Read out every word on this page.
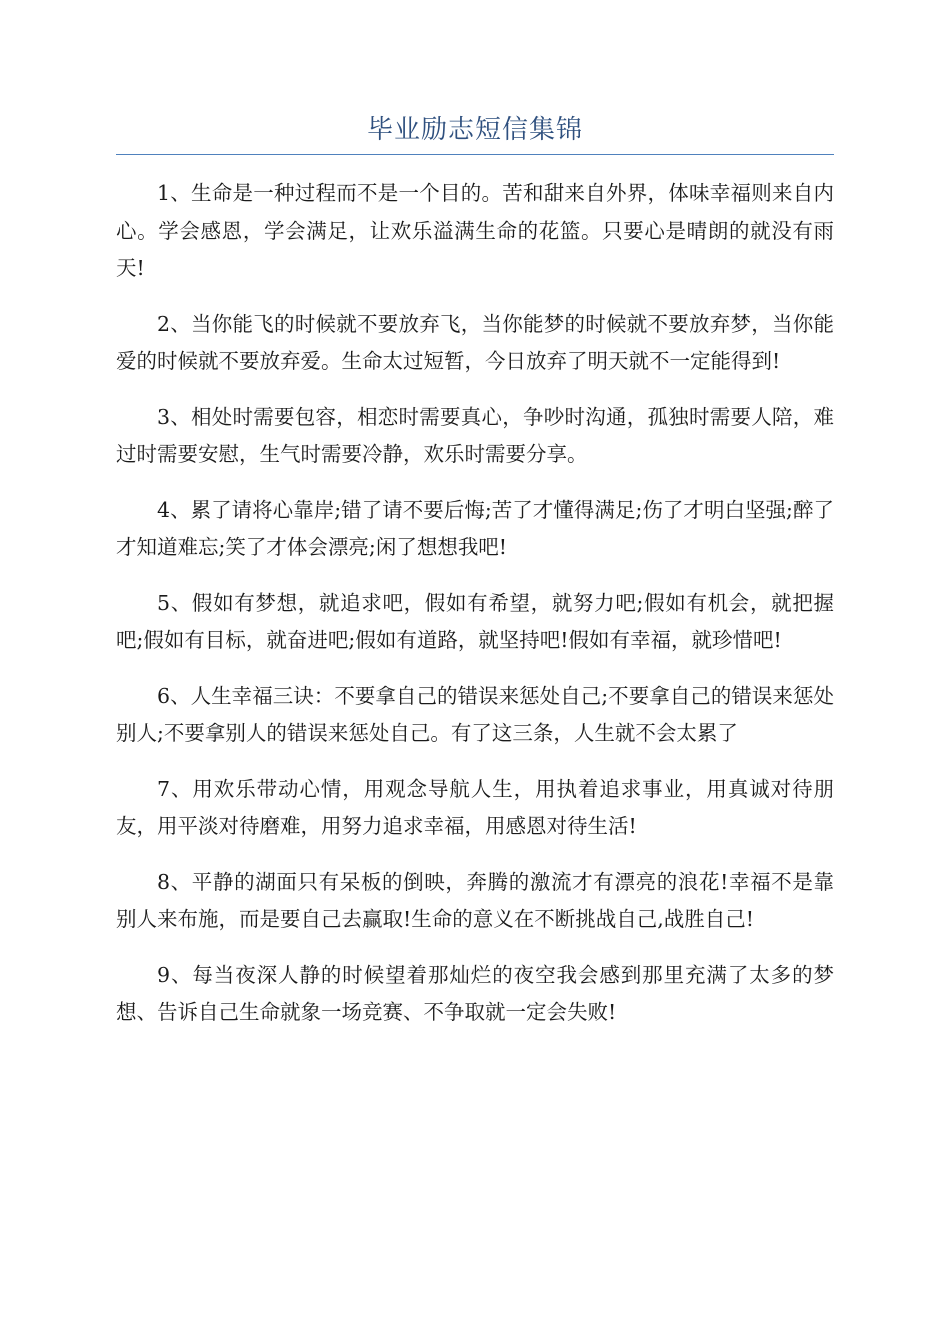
毕业励志短信集锦

1、生命是一种过程而不是一个目的。苦和甜来自外界，体味幸福则来自内心。学会感恩，学会满足，让欢乐溢满生命的花篮。只要心是晴朗的就没有雨天!

2、当你能飞的时候就不要放弃飞，当你能梦的时候就不要放弃梦，当你能爱的时候就不要放弃爱。生命太过短暂，今日放弃了明天就不一定能得到!

3、相处时需要包容，相恋时需要真心，争吵时沟通，孤独时需要人陪，难过时需要安慰，生气时需要冷静，欢乐时需要分享。

4、累了请将心靠岸;错了请不要后悔;苦了才懂得满足;伤了才明白坚强;醉了才知道难忘;笑了才体会漂亮;闲了想想我吧!

5、假如有梦想，就追求吧，假如有希望，就努力吧;假如有机会，就把握吧;假如有目标，就奋进吧;假如有道路，就坚持吧!假如有幸福，就珍惜吧!

6、人生幸福三诀：不要拿自己的错误来惩处自己;不要拿自己的错误来惩处别人;不要拿别人的错误来惩处自己。有了这三条，人生就不会太累了

7、用欢乐带动心情，用观念导航人生，用执着追求事业，用真诚对待朋友，用平淡对待磨难，用努力追求幸福，用感恩对待生活!

8、平静的湖面只有呆板的倒映，奔腾的激流才有漂亮的浪花!幸福不是靠别人来布施，而是要自己去赢取!生命的意义在不断挑战自己,战胜自己!

9、每当夜深人静的时候望着那灿烂的夜空我会感到那里充满了太多的梦想、告诉自己生命就象一场竞赛、不争取就一定会失败!
